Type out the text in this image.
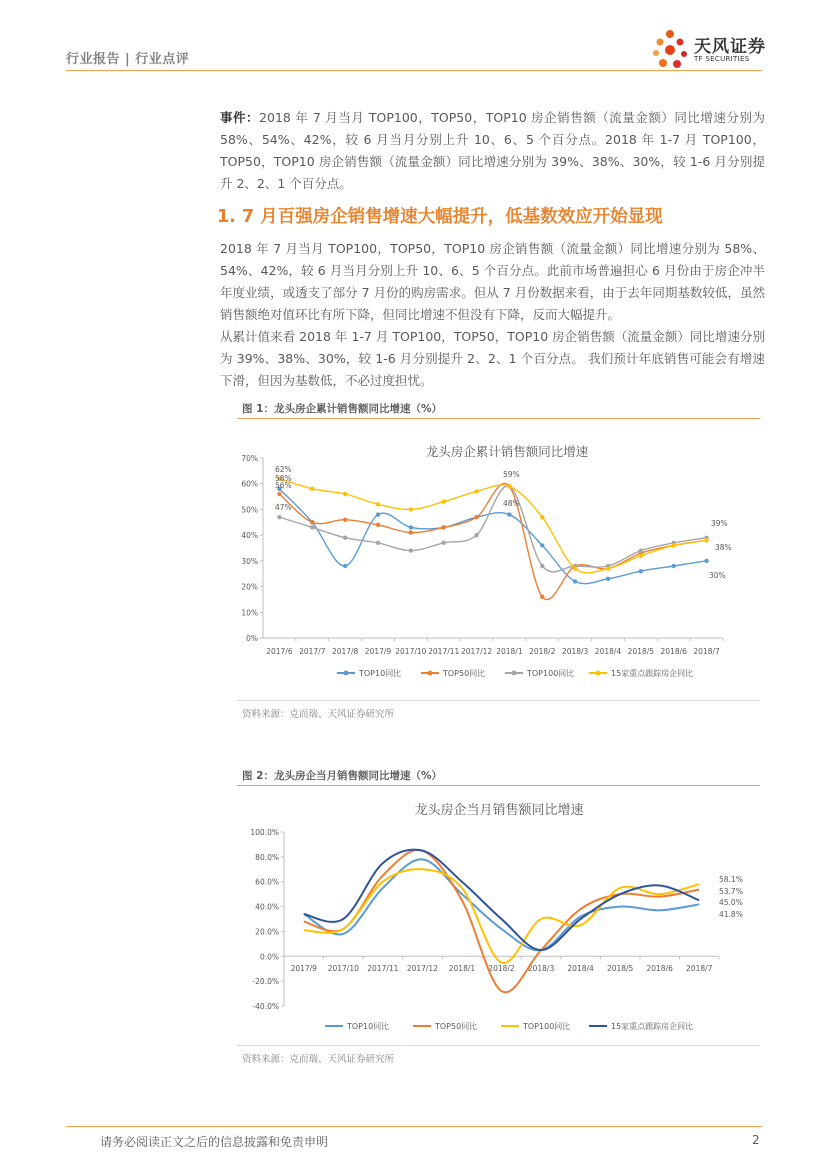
行业报告 | 行业点评
天风证券
TF SECURITIES
事件：2018 年 7 月当月 TOP100，TOP50，TOP10 房企销售额（流量金额）同比增速分别为 58%、54%、42%，较 6 月当月分别上升 10、6、5 个百分点。2018 年 1-7 月 TOP100，TOP50，TOP10 房企销售额（流量金额）同比增速分别为 39%、38%、30%，较 1-6 月分别提升 2、2、1 个百分点。
1. 7 月百强房企销售增速大幅提升，低基数效应开始显现
2018 年 7 月当月 TOP100，TOP50，TOP10 房企销售额（流量金额）同比增速分别为 58%、54%、42%，较 6 月当月分别上升 10、6、5 个百分点。此前市场普遍担心 6 月份由于房企冲半年度业绩，或透支了部分 7 月份的购房需求。但从 7 月份数据来看，由于去年同期基数较低，虽然销售额绝对值环比有所下降，但同比增速不但没有下降，反而大幅提升。
从累计值来看 2018 年 1-7 月 TOP100，TOP50，TOP10 房企销售额（流量金额）同比增速分别为 39%、38%、30%，较 1-6 月分别提升 2、2、1 个百分点。 我们预计年底销售可能会有增速下滑，但因为基数低，不必过度担忧。
图 1：龙头房企累计销售额同比增速（%）
龙头房企累计销售额同比增速
0%
10%
20%
30%
40%
50%
60%
70%
2017/6 2017/7 2017/8 2017/9 2017/10 2017/11 2017/12 2018/1 2018/2 2018/3 2018/4 2018/5 2018/6 2018/7
62%
58%
56%
47%
59%
48%
39%
38%
30%
TOP10同比	TOP50同比	TOP100同比	15家重点跟踪房企同比
资料来源：克而瑞、天风证券研究所
图 2：龙头房企当月销售额同比增速（%）
龙头房企当月销售额同比增速
100.0%
80.0%
60.0%
40.0%
20.0%
0.0%
-20.0%
-40.0%
2017/9 2017/10 2017/11 2017/12 2018/1 2018/2 2018/3 2018/4 2018/5 2018/6 2018/7
58.1%
53.7%
45.0%
41.8%
TOP10同比	TOP50同比	TOP100同比	15家重点跟踪房企同比
资料来源：克而瑞、天风证券研究所
请务必阅读正文之后的信息披露和免责申明	2
